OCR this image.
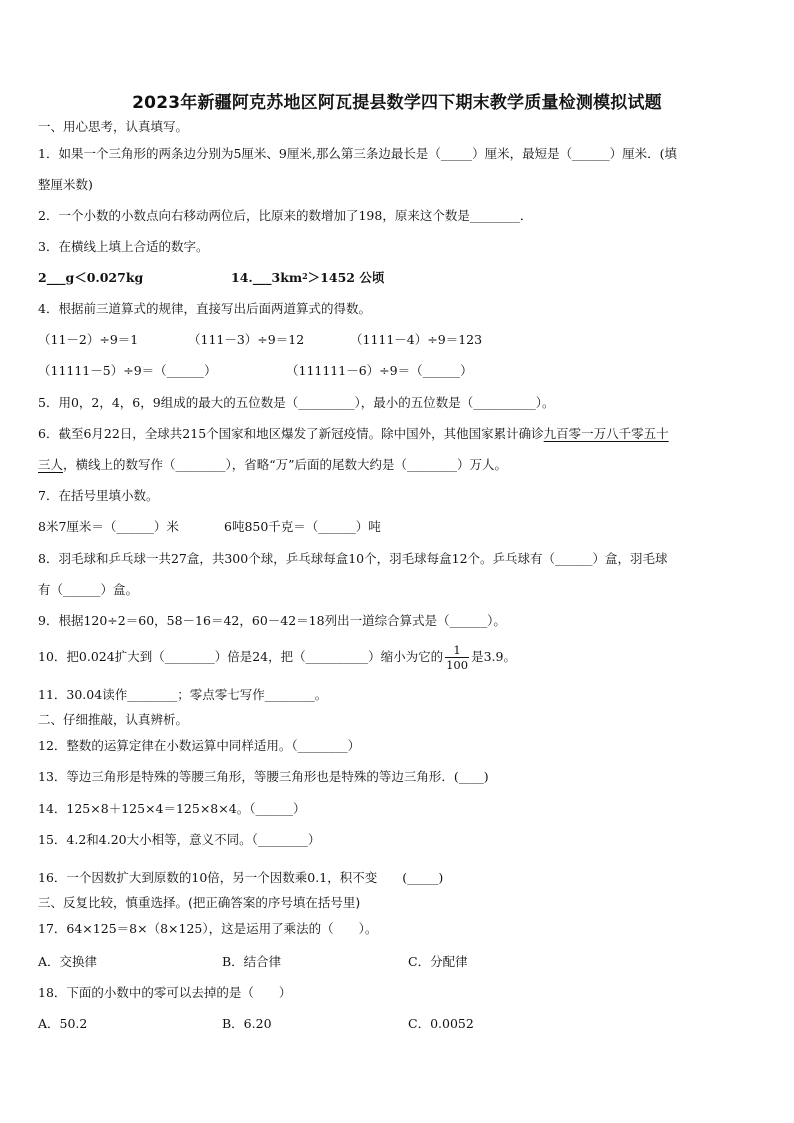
2023年新疆阿克苏地区阿瓦提县数学四下期末教学质量检测模拟试题
一、用心思考，认真填写。
1．如果一个三角形的两条边分别为5厘米、9厘米,那么第三条边最长是（_____）厘米，最短是（______）厘米．(填
整厘米数)
2．一个小数的小数点向右移动两位后，比原来的数增加了198，原来这个数是________．
3．在横线上填上合适的数字。
2___g＜0.027kg	$14.\_\_\_3km^2>1452$ 公顷
4．根据前三道算式的规律，直接写出后面两道算式的得数。
（11－2）÷9＝1	（111－3）÷9＝12	（1111－4）÷9＝123
（11111－5）÷9＝（______）	（111111－6）÷9＝（______）
5．用0，2，4，6，9组成的最大的五位数是（_________），最小的五位数是（__________）。
6．截至6月22日，全球共215个国家和地区爆发了新冠疫情。除中国外，其他国家累计确诊九百零一万八千零五十
三人，横线上的数写作（________），省略“万”后面的尾数大约是（________）万人。
7．在括号里填小数。
8米7厘米＝（______）米	6吨850千克＝（______）吨
8．羽毛球和乒乓球一共27盒，共300个球，乒乓球每盒10个，羽毛球每盒12个。乒乓球有（______）盒，羽毛球
有（______）盒。
9．根据120÷2＝60，58－16＝42，60－42＝18列出一道综合算式是（______）。
10．把0.024扩大到（________）倍是24，把（__________）缩小为它的 $\frac{1}{100}$ 是3.9。
11．30.04读作________；零点零七写作________。
二、仔细推敲，认真辨析。
12．整数的运算定律在小数运算中同样适用。（________）
13．等边三角形是特殊的等腰三角形，等腰三角形也是特殊的等边三角形．(____)
14．125×8＋125×4＝125×8×4。（______）
15．4.2和4.20大小相等，意义不同。（________）
16．一个因数扩大到原数的10倍，另一个因数乘0.1，积不变　　(_____)
三、反复比较，慎重选择。(把正确答案的序号填在括号里)
17．64×125＝8×（8×125），这是运用了乘法的（　　）。
A．交换律	B．结合律	C．分配律
18．下面的小数中的零可以去掉的是（　　）
A．50.2	B．6.20	C．0.0052
